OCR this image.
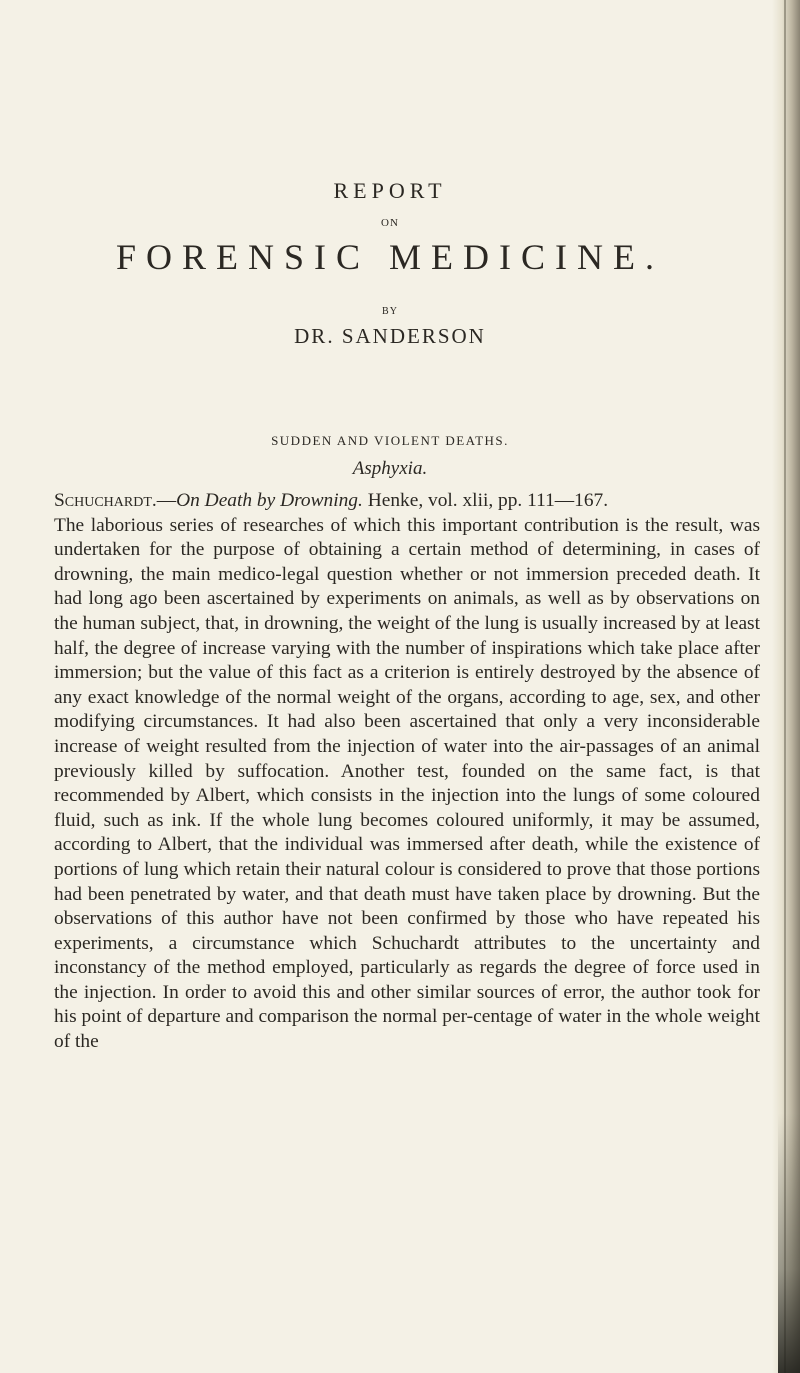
REPORT
ON
FORENSIC MEDICINE.
BY
DR. SANDERSON
SUDDEN AND VIOLENT DEATHS.
Asphyxia.

Schuchardt.—On Death by Drowning. Henke, vol. xlii, pp. 111—167.

The laborious series of researches of which this important contribution is the result, was undertaken for the purpose of obtaining a certain method of determining, in cases of drowning, the main medico-legal question whether or not immersion preceded death. It had long ago been ascertained by experiments on animals, as well as by observations on the human subject, that, in drowning, the weight of the lung is usually increased by at least half, the degree of increase varying with the number of inspirations which take place after immersion; but the value of this fact as a criterion is entirely destroyed by the absence of any exact knowledge of the normal weight of the organs, according to age, sex, and other modifying circumstances. It had also been ascertained that only a very inconsiderable increase of weight resulted from the injection of water into the air-passages of an animal previously killed by suffocation. Another test, founded on the same fact, is that recommended by Albert, which consists in the injection into the lungs of some coloured fluid, such as ink. If the whole lung becomes coloured uniformly, it may be assumed, according to Albert, that the individual was immersed after death, while the existence of portions of lung which retain their natural colour is considered to prove that those portions had been penetrated by water, and that death must have taken place by drowning. But the observations of this author have not been confirmed by those who have repeated his experiments, a circumstance which Schuchardt attributes to the uncertainty and inconstancy of the method employed, particularly as regards the degree of force used in the injection. In order to avoid this and other similar sources of error, the author took for his point of departure and comparison the normal per-centage of water in the whole weight of the
